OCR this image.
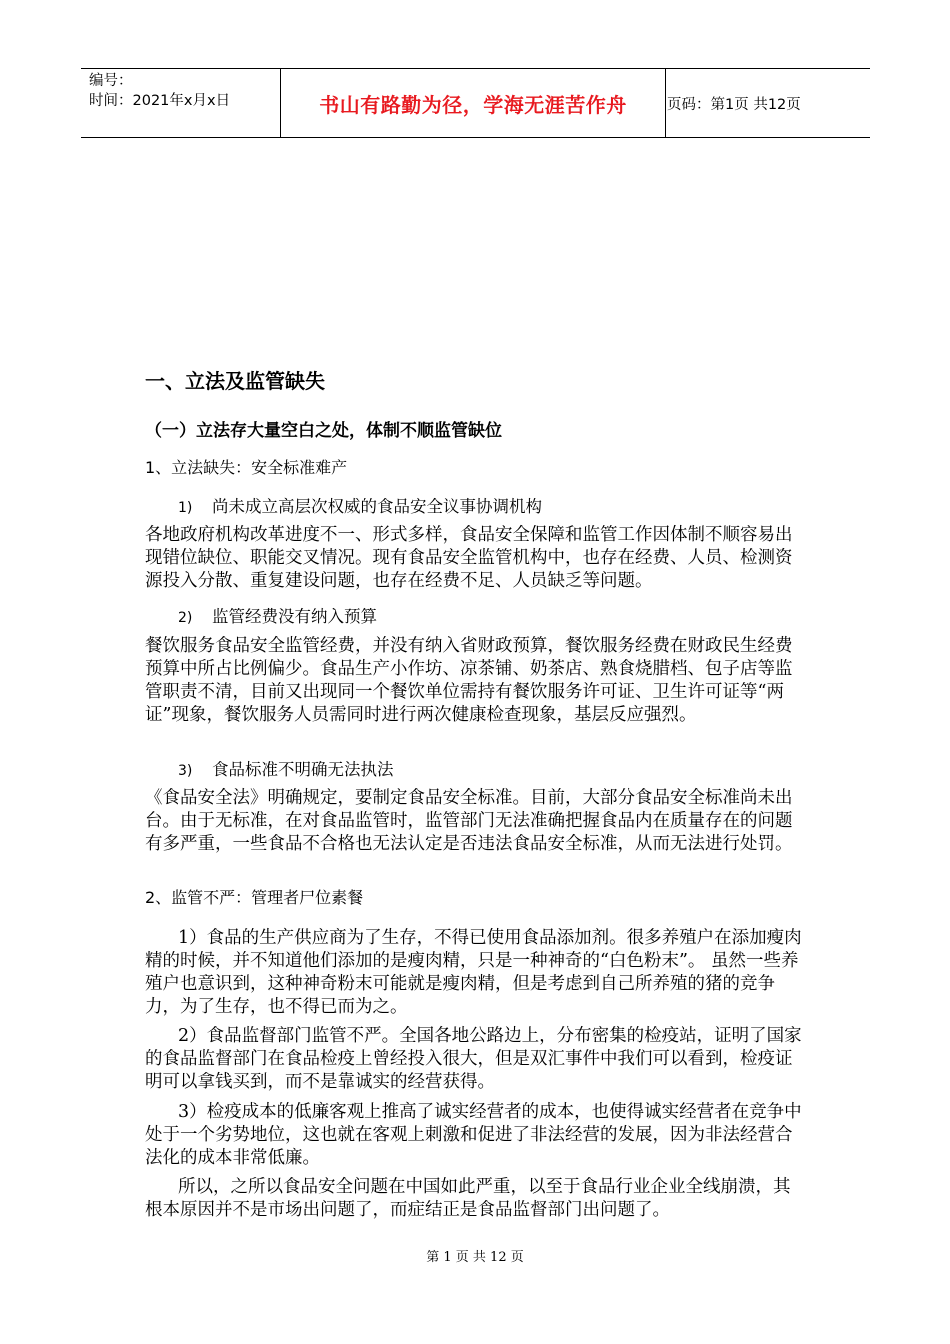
编号：
时间：2021年x月x日	书山有路勤为径，学海无涯苦作舟	页码：第1页 共12页
一、立法及监管缺失
（一）立法存大量空白之处，体制不顺监管缺位
1、立法缺失：安全标准难产
1) 尚未成立高层次权威的食品安全议事协调机构
各地政府机构改革进度不一、形式多样，食品安全保障和监管工作因体制不顺容易出现错位缺位、职能交叉情况。现有食品安全监管机构中，也存在经费、人员、检测资源投入分散、重复建设问题，也存在经费不足、人员缺乏等问题。
2) 监管经费没有纳入预算
餐饮服务食品安全监管经费，并没有纳入省财政预算，餐饮服务经费在财政民生经费预算中所占比例偏少。食品生产小作坊、凉茶铺、奶茶店、熟食烧腊档、包子店等监管职责不清，目前又出现同一个餐饮单位需持有餐饮服务许可证、卫生许可证等“两证”现象，餐饮服务人员需同时进行两次健康检查现象，基层反应强烈。
3) 食品标准不明确无法执法
《食品安全法》明确规定，要制定食品安全标准。目前，大部分食品安全标准尚未出台。由于无标准，在对食品监管时，监管部门无法准确把握食品内在质量存在的问题有多严重，一些食品不合格也无法认定是否违法食品安全标准，从而无法进行处罚。
2、监管不严：管理者尸位素餐
1）食品的生产供应商为了生存，不得已使用食品添加剂。很多养殖户在添加瘦肉精的时候，并不知道他们添加的是瘦肉精，只是一种神奇的“白色粉末”。 虽然一些养殖户也意识到，这种神奇粉末可能就是瘦肉精，但是考虑到自己所养殖的猪的竞争力，为了生存，也不得已而为之。
2）食品监督部门监管不严。全国各地公路边上，分布密集的检疫站，证明了国家的食品监督部门在食品检疫上曾经投入很大，但是双汇事件中我们可以看到，检疫证明可以拿钱买到，而不是靠诚实的经营获得。
3）检疫成本的低廉客观上推高了诚实经营者的成本，也使得诚实经营者在竞争中处于一个劣势地位，这也就在客观上刺激和促进了非法经营的发展，因为非法经营合法化的成本非常低廉。
所以，之所以食品安全问题在中国如此严重，以至于食品行业企业全线崩溃，其根本原因并不是市场出问题了，而症结正是食品监督部门出问题了。
第 1 页 共 12 页
